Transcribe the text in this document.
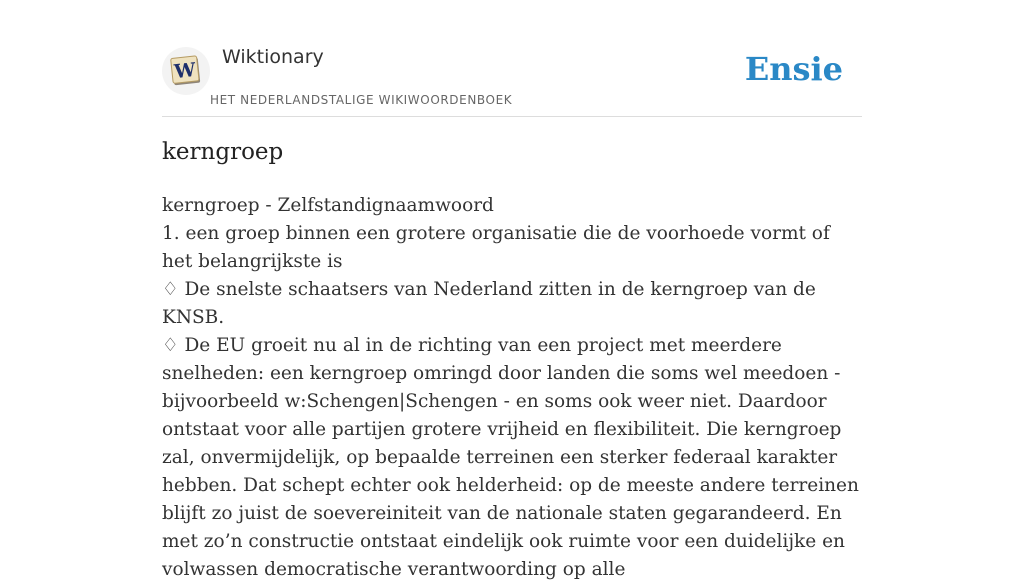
W
Wiktionary
HET NEDERLANDSTALIGE WIKIWOORDENBOEK
Ensie
kerngroep

kerngroep - Zelfstandignaamwoord

1. een groep binnen een grotere organisatie die de voorhoede vormt of het belangrijkste is

♢ De snelste schaatsers van Nederland zitten in de kerngroep van de KNSB.

♢ De EU groeit nu al in de richting van een project met meerdere snelheden: een kerngroep omringd door landen die soms wel meedoen - bijvoorbeeld w:Schengen|Schengen - en soms ook weer niet. Daardoor ontstaat voor alle partijen grotere vrijheid en flexibiliteit. Die kerngroep zal, onvermijdelijk, op bepaalde terreinen een sterker federaal karakter hebben. Dat schept echter ook helderheid: op de meeste andere terreinen blijft zo juist de soevereiniteit van de nationale staten gegarandeerd. En met zo’n constructie ontstaat eindelijk ook ruimte voor een duidelijke en volwassen democratische verantwoording op alle
